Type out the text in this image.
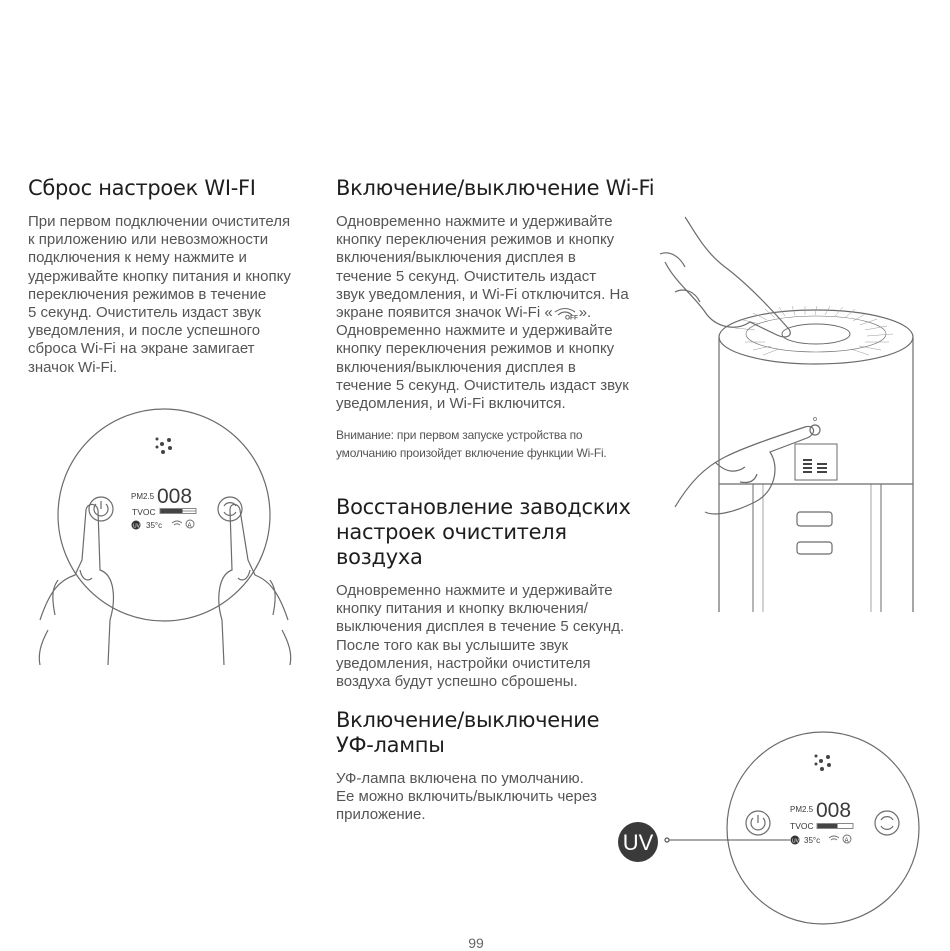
Сброс настроек WI-FI
При первом подключении очистителя
к приложению или невозможности
подключения к нему нажмите и
удерживайте кнопку питания и кнопку
переключения режимов в течение
5 секунд. Очиститель издаст звук
уведомления, и после успешного
сброса Wi-Fi на экране замигает
значок Wi-Fi.
Включение/выключение Wi-Fi
Одновременно нажмите и удерживайте
кнопку переключения режимов и кнопку
включения/выключения дисплея в
течение 5 секунд. Очиститель издаст
звук уведомления, и Wi-Fi отключится. На
экране появится значок Wi-Fi « OFF ».
Одновременно нажмите и удерживайте
кнопку переключения режимов и кнопку
включения/выключения дисплея в
течение 5 секунд. Очиститель издаст звук
уведомления, и Wi-Fi включится.
Внимание: при первом запуске устройства по
умолчанию произойдет включение функции Wi-Fi.
Восстановление заводских
настроек очистителя воздуха
Одновременно нажмите и удерживайте
кнопку питания и кнопку включения/
выключения дисплея в течение 5 секунд.
После того как вы услышите звук
уведомления, настройки очистителя
воздуха будут успешно сброшены.
Включение/выключение
УФ-лампы
УФ-лампа включена по умолчанию.
Ее можно включить/выключить через
приложение.
PM2.5 008
TVOC
UV 35°c	A
UV
PM2.5 008
TVOC
UV 35°c	A
99
